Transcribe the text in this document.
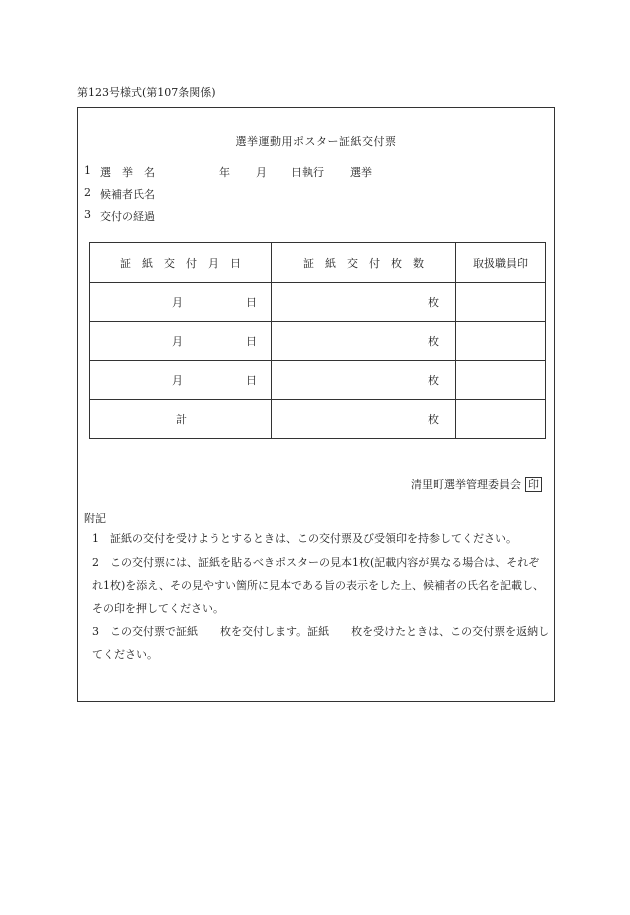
第123号様式(第107条関係)
選挙運動用ポスター証紙交付票
1 選　挙　名	年 月 日執行 選挙
2 候補者氏名
3 交付の経過
証　紙　交　付　月　日	証　紙　交　付　枚　数	取扱職員印

月 日	枚	

月 日	枚	

月 日	枚	

計	枚	

清里町選挙管理委員会 印
附記
1　証紙の交付を受けようとするときは、この交付票及び受領印を持参してください。
2　この交付票には、証紙を貼るべきポスターの見本1枚(記載内容が異なる場合は、それぞれ1枚)を添え、その見やすい箇所に見本である旨の表示をした上、候補者の氏名を記載し、その印を押してください。
3　この交付票で証紙　　枚を交付します。証紙　　枚を受けたときは、この交付票を返納してください。
